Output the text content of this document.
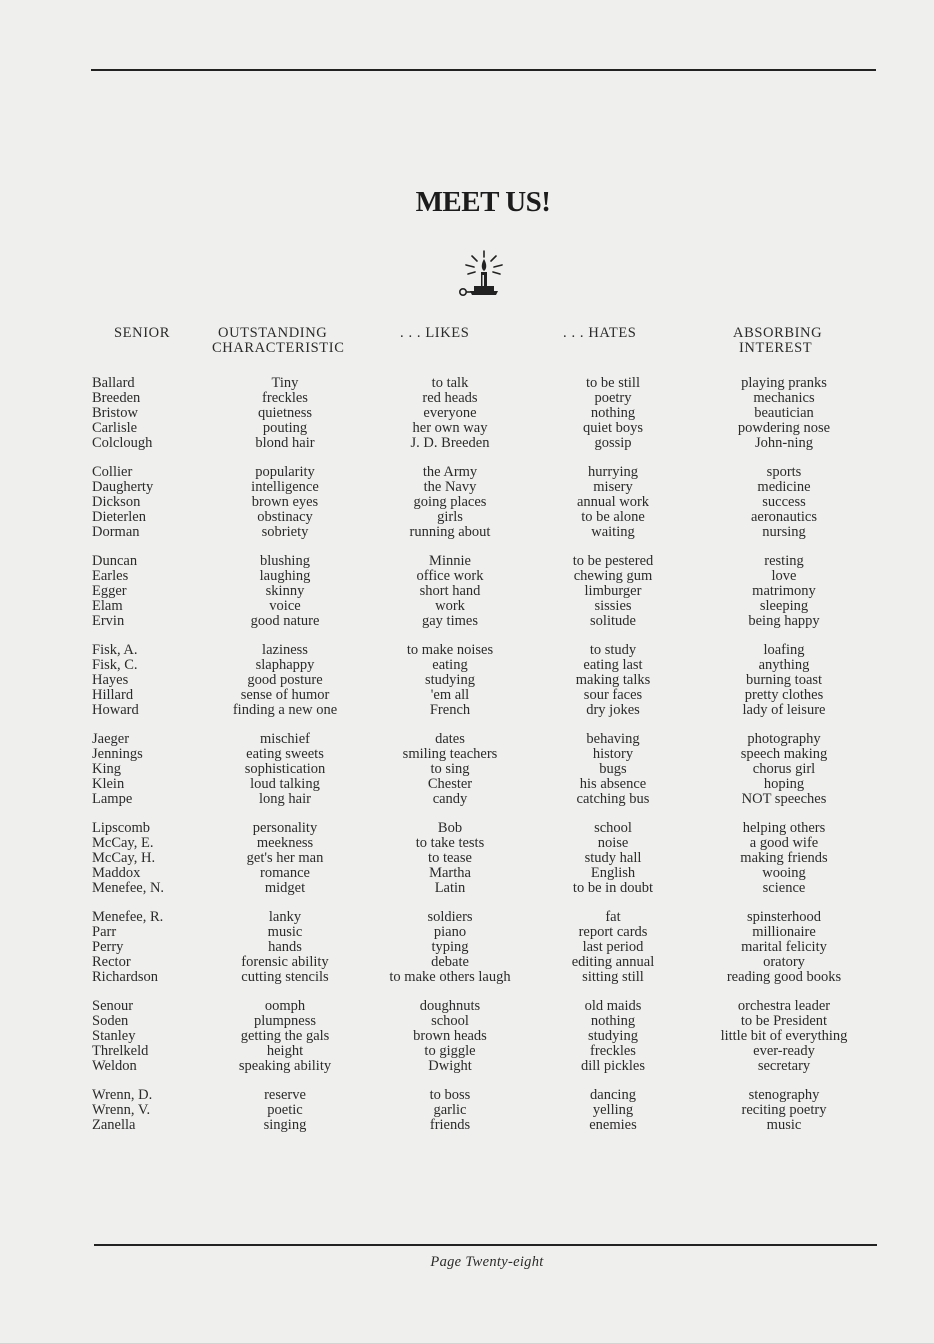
MEET US!
SENIOR
Ballard
Breeden
Bristow
Carlisle
Colclough
Collier
Daugherty
Dickson
Dieterlen
Dorman
Duncan
Earles
Egger
Elam
Ervin
Fisk, A.
Fisk, C.
Hayes
Hillard
Howard
Jaeger
Jennings
King
Klein
Lampe
Lipscomb
McCay, E.
McCay, H.
Maddox
Menefee, N.
Menefee, R.
Parr
Perry
Rector
Richardson
Senour
Soden
Stanley
Threlkeld
Weldon
Wrenn, D.
Wrenn, V.
Zanella
OUTSTANDING
CHARACTERISTIC
Tiny
freckles
quietness
pouting
blond hair
popularity
intelligence
brown eyes
obstinacy
sobriety
blushing
laughing
skinny
voice
good nature
laziness
slaphappy
good posture
sense of humor
finding a new one
mischief
eating sweets
sophistication
loud talking
long hair
personality
meekness
get's her man
romance
midget
lanky
music
hands
forensic ability
cutting stencils
oomph
plumpness
getting the gals
height
speaking ability
reserve
poetic
singing
. . . LIKES
to talk
red heads
everyone
her own way
J. D. Breeden
the Army
the Navy
going places
girls
running about
Minnie
office work
short hand
work
gay times
to make noises
eating
studying
'em all
French
dates
smiling teachers
to sing
Chester
candy
Bob
to take tests
to tease
Martha
Latin
soldiers
piano
typing
debate
to make others laugh
doughnuts
school
brown heads
to giggle
Dwight
to boss
garlic
friends
. . . HATES
to be still
poetry
nothing
quiet boys
gossip
hurrying
misery
annual work
to be alone
waiting
to be pestered
chewing gum
limburger
sissies
solitude
to study
eating last
making talks
sour faces
dry jokes
behaving
history
bugs
his absence
catching bus
school
noise
study hall
English
to be in doubt
fat
report cards
last period
editing annual
sitting still
old maids
nothing
studying
freckles
dill pickles
dancing
yelling
enemies
ABSORBING
INTEREST
playing pranks
mechanics
beautician
powdering nose
John-ning
sports
medicine
success
aeronautics
nursing
resting
love
matrimony
sleeping
being happy
loafing
anything
burning toast
pretty clothes
lady of leisure
photography
speech making
chorus girl
hoping
NOT speeches
helping others
a good wife
making friends
wooing
science
spinsterhood
millionaire
marital felicity
oratory
reading good books
orchestra leader
to be President
little bit of everything
ever-ready
secretary
stenography
reciting poetry
music
Page Twenty-eight
